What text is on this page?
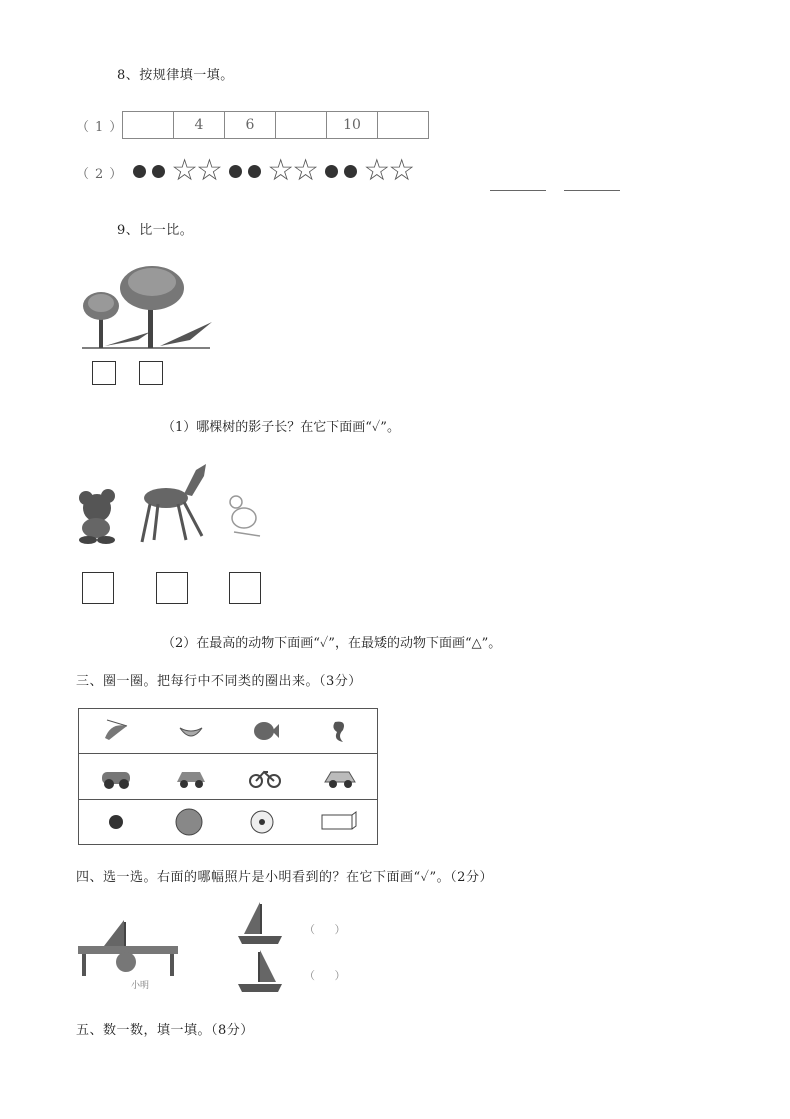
8、按规律填一填。
（1）
		4	6		10	
（2）	☆☆ ☆☆ ☆☆
9、比一比。
（1）哪棵树的影子长？在它下面画“✓”。
（2）在最高的动物下面画“✓”，在最矮的动物下面画“△”。
三、圈一圈。把每行中不同类的圈出来。（3分）
四、选一选。右面的哪幅照片是小明看到的？在它下面画“✓”。（2分）
小明
（ ）
（ ）
五、数一数，填一填。（8分）
